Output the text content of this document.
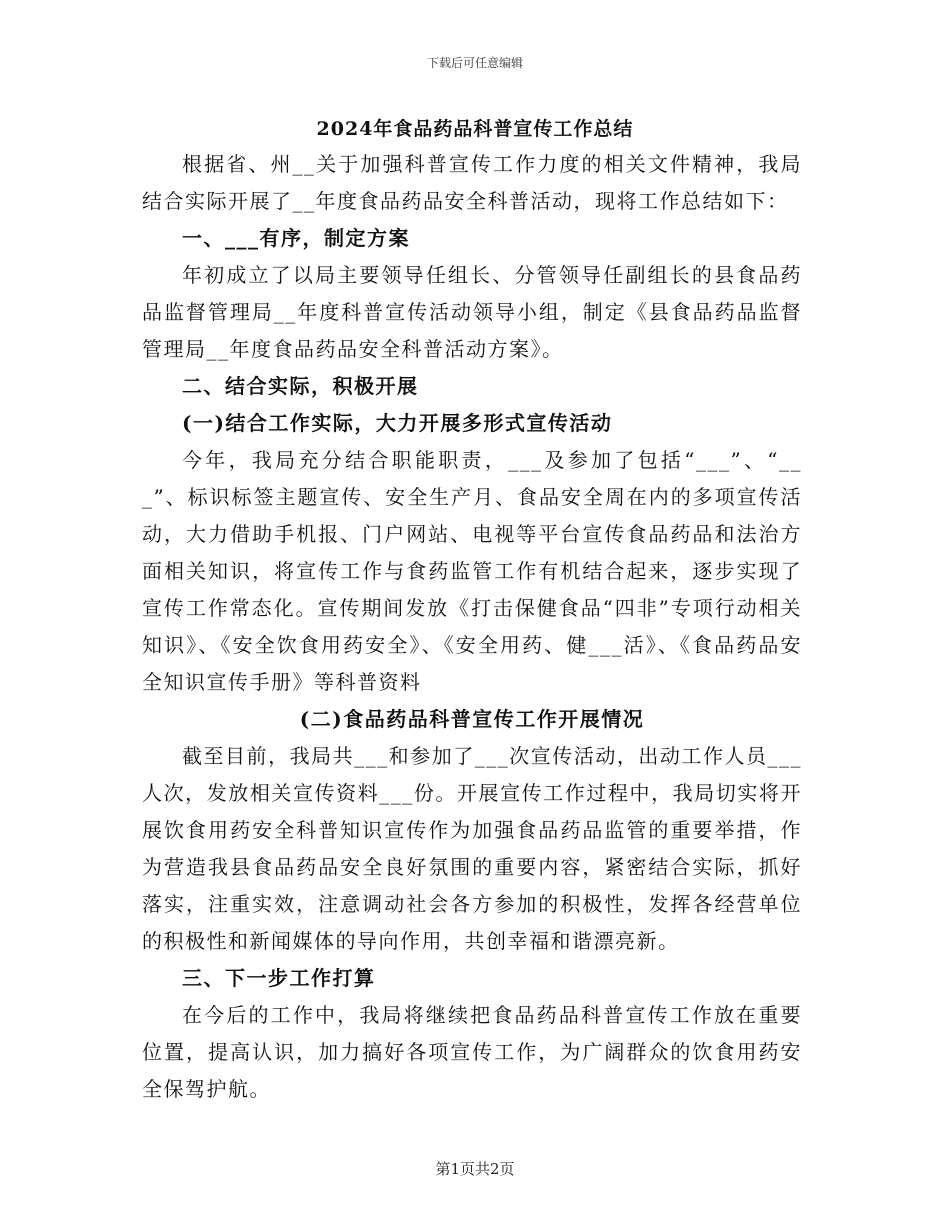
下载后可任意编辑
2024年食品药品科普宣传工作总结

根据省、州__关于加强科普宣传工作力度的相关文件精神，我局结合实际开展了__年度食品药品安全科普活动，现将工作总结如下：

一、___有序，制定方案

年初成立了以局主要领导任组长、分管领导任副组长的县食品药品监督管理局__年度科普宣传活动领导小组，制定《县食品药品监督管理局__年度食品药品安全科普活动方案》。

二、结合实际，积极开展
(一)结合工作实际，大力开展多形式宣传活动

今年，我局充分结合职能职责，___及参加了包括“___”、“___”、标识标签主题宣传、安全生产月、食品安全周在内的多项宣传活动，大力借助手机报、门户网站、电视等平台宣传食品药品和法治方面相关知识，将宣传工作与食药监管工作有机结合起来，逐步实现了宣传工作常态化。宣传期间发放《打击保健食品“四非”专项行动相关知识》、《安全饮食用药安全》、《安全用药、健___活》、《食品药品安全知识宣传手册》等科普资料

(二)食品药品科普宣传工作开展情况

截至目前，我局共___和参加了___次宣传活动，出动工作人员___人次，发放相关宣传资料___份。开展宣传工作过程中，我局切实将开展饮食用药安全科普知识宣传作为加强食品药品监管的重要举措，作为营造我县食品药品安全良好氛围的重要内容，紧密结合实际，抓好落实，注重实效，注意调动社会各方参加的积极性，发挥各经营单位的积极性和新闻媒体的导向作用，共创幸福和谐漂亮新。

三、下一步工作打算

在今后的工作中，我局将继续把食品药品科普宣传工作放在重要位置，提高认识，加力搞好各项宣传工作，为广阔群众的饮食用药安全保驾护航。

第1页共2页
